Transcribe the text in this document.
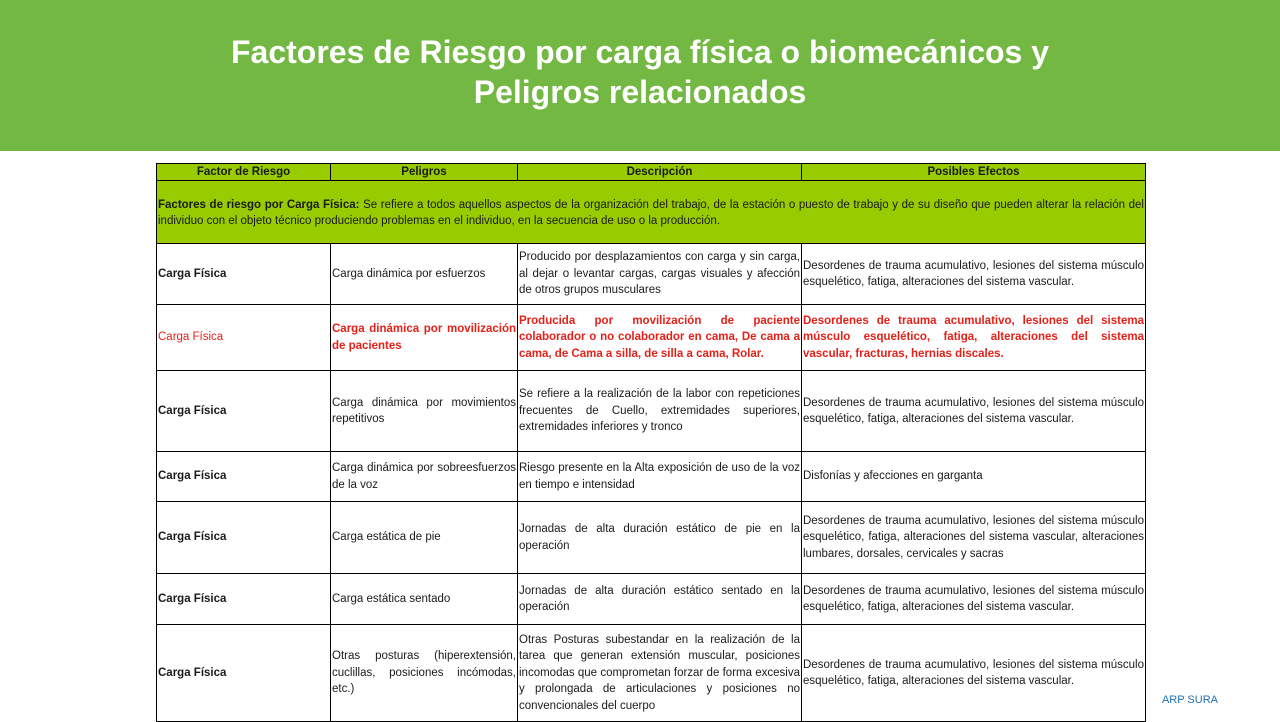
Factores de Riesgo por carga física o biomecánicos y
Peligros relacionados
Factor de Riesgo	Peligros	Descripción	Posibles Efectos
Factores de riesgo por Carga Física: Se refiere a todos aquellos aspectos de la organización del trabajo, de la estación o puesto de trabajo y de su diseño que pueden alterar la relación del individuo con el objeto técnico produciendo problemas en el individuo, en la secuencia de uso o la producción.			
Carga Física	Carga dinámica por esfuerzos	Producido por desplazamientos con carga y sin carga, al dejar o levantar cargas, cargas visuales y afección de otros grupos musculares	Desordenes de trauma acumulativo, lesiones del sistema músculo esquelético, fatiga, alteraciones del sistema vascular.
Carga Física	Carga dinámica por movilización de pacientes	Producida por movilización de paciente colaborador o no colaborador en cama, De cama a cama, de Cama a silla, de silla a cama, Rolar.	Desordenes de trauma acumulativo, lesiones del sistema músculo esquelético, fatiga, alteraciones del sistema vascular, fracturas, hernias discales.
Carga Física	Carga dinámica por movimientos repetitivos	Se refiere a la realización de la labor con repeticiones frecuentes de Cuello, extremidades superiores, extremidades inferiores y tronco	Desordenes de trauma acumulativo, lesiones del sistema músculo esquelético, fatiga, alteraciones del sistema vascular.
Carga Física	Carga dinámica por sobreesfuerzos de la voz	Riesgo presente en la Alta exposición de uso de la voz en tiempo e intensidad	Disfonías y afecciones en garganta
Carga Física	Carga estática de pie	Jornadas de alta duración estático de pie en la operación	Desordenes de trauma acumulativo, lesiones del sistema músculo esquelético, fatiga, alteraciones del sistema vascular, alteraciones lumbares, dorsales, cervicales y sacras
Carga Física	Carga estática sentado	Jornadas de alta duración estático sentado en la operación	Desordenes de trauma acumulativo, lesiones del sistema músculo esquelético, fatiga, alteraciones del sistema vascular.
Carga Física	Otras posturas (hiperextensión, cuclillas, posiciones incómodas, etc.)	Otras Posturas subestandar en la realización de la tarea que generan extensión muscular, posiciones incomodas que comprometan forzar de forma excesiva y prolongada de articulaciones y posiciones no convencionales del cuerpo	Desordenes de trauma acumulativo, lesiones del sistema músculo esquelético, fatiga, alteraciones del sistema vascular.
ARP SURA
